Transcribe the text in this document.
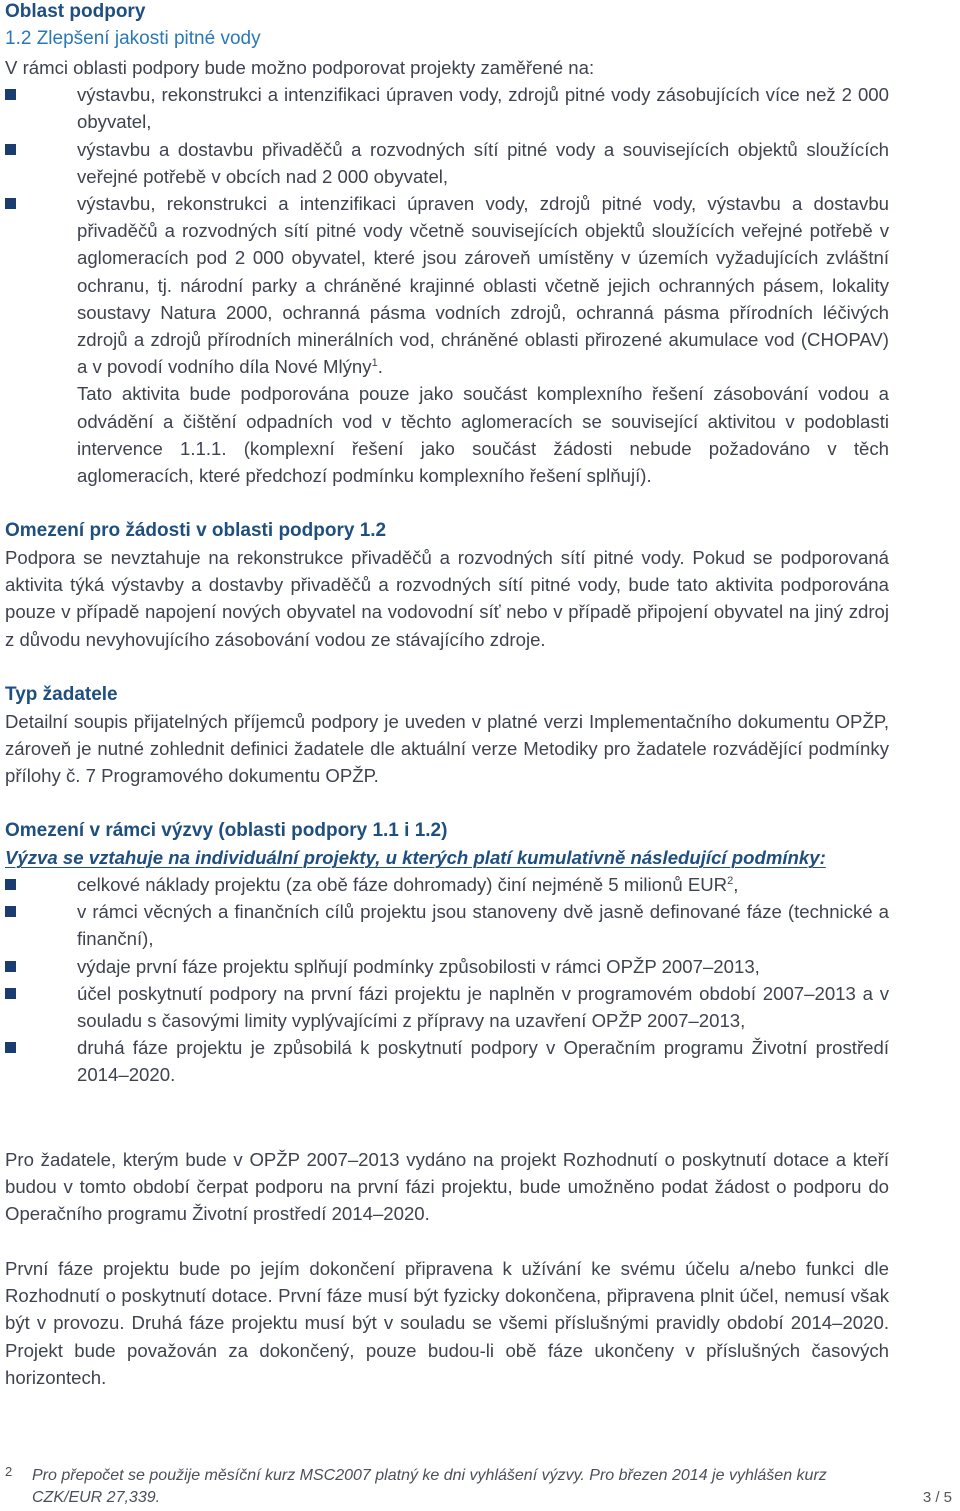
Oblast podpory

1.2 Zlepšení jakosti pitné vody

V rámci oblasti podpory bude možno podporovat projekty zaměřené na:

výstavbu, rekonstrukci a intenzifikaci úpraven vody, zdrojů pitné vody zásobujících více než 2 000 obyvatel,
výstavbu a dostavbu přivaděčů a rozvodných sítí pitné vody a souvisejících objektů sloužících veřejné potřebě v obcích nad 2 000 obyvatel,
výstavbu, rekonstrukci a intenzifikaci úpraven vody, zdrojů pitné vody, výstavbu a dostavbu přivaděčů a rozvodných sítí pitné vody včetně souvisejících objektů sloužících veřejné potřebě v aglomeracích pod 2 000 obyvatel, které jsou zároveň umístěny v územích vyžadujících zvláštní ochranu, tj. národní parky a chráněné krajinné oblasti včetně jejich ochranných pásem, lokality soustavy Natura 2000, ochranná pásma vodních zdrojů, ochranná pásma přírodních léčivých zdrojů a zdrojů přírodních minerálních vod, chráněné oblasti přirozené akumulace vod (CHOPAV) a v povodí vodního díla Nové Mlýny$^1$.
Tato aktivita bude podporována pouze jako součást komplexního řešení zásobování vodou a odvádění a čištění odpadních vod v těchto aglomeracích se související aktivitou v podoblasti intervence 1.1.1. (komplexní řešení jako součást žádosti nebude požadováno v těch aglomeracích, které předchozí podmínku komplexního řešení splňují).

Omezení pro žádosti v oblasti podpory 1.2

Podpora se nevztahuje na rekonstrukce přivaděčů a rozvodných sítí pitné vody. Pokud se podporovaná aktivita týká výstavby a dostavby přivaděčů a rozvodných sítí pitné vody, bude tato aktivita podporována pouze v případě napojení nových obyvatel na vodovodní síť nebo v případě připojení obyvatel na jiný zdroj z důvodu nevyhovujícího zásobování vodou ze stávajícího zdroje.

Typ žadatele

Detailní soupis přijatelných příjemců podpory je uveden v platné verzi Implementačního dokumentu OPŽP, zároveň je nutné zohlednit definici žadatele dle aktuální verze Metodiky pro žadatele rozvádějící podmínky přílohy č. 7 Programového dokumentu OPŽP.

Omezení v rámci výzvy (oblasti podpory 1.1 i 1.2)

Výzva se vztahuje na individuální projekty, u kterých platí kumulativně následující podmínky:

celkové náklady projektu (za obě fáze dohromady) činí nejméně 5 milionů EUR$^2$,
v rámci věcných a finančních cílů projektu jsou stanoveny dvě jasně definované fáze (technické a finanční),
výdaje první fáze projektu splňují podmínky způsobilosti v rámci OPŽP 2007–2013,
účel poskytnutí podpory na první fázi projektu je naplněn v programovém období 2007–2013 a v souladu s časovými limity vyplývajícími z přípravy na uzavření OPŽP 2007–2013,
druhá fáze projektu je způsobilá k poskytnutí podpory v Operačním programu Životní prostředí 2014–2020.

Pro žadatele, kterým bude v OPŽP 2007–2013 vydáno na projekt Rozhodnutí o poskytnutí dotace a kteří budou v tomto období čerpat podporu na první fázi projektu, bude umožněno podat žádost o podporu do Operačního programu Životní prostředí 2014–2020.

První fáze projektu bude po jejím dokončení připravena k užívání ke svému účelu a/nebo funkci dle Rozhodnutí o poskytnutí dotace. První fáze musí být fyzicky dokončena, připravena plnit účel, nemusí však být v provozu. Druhá fáze projektu musí být v souladu se všemi příslušnými pravidly období 2014–2020. Projekt bude považován za dokončený, pouze budou-li obě fáze ukončeny v příslušných časových horizontech.

2 Pro přepočet se použije měsíční kurz MSC2007 platný ke dni vyhlášení výzvy. Pro březen 2014 je vyhlášen kurz CZK/EUR 27,339.	3 / 5
